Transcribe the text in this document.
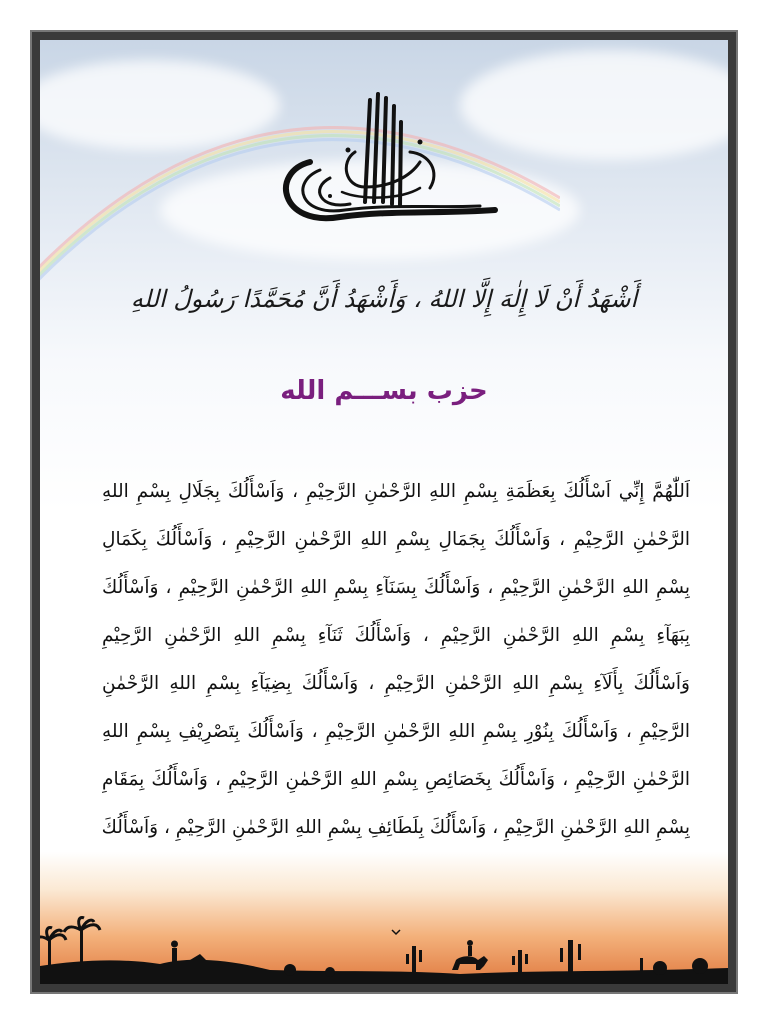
أَشْهَدُ أَنْ لَا إِلٰهَ إِلَّا اللهُ ، وَأَشْهَدُ أَنَّ مُحَمَّدًا رَسُولُ اللهِ
حزب بســـم الله
اَللّٰهُمَّ إِنِّي اَسْأَلُكَ بِعَظَمَةِ بِسْمِ اللهِ الرَّحْمٰنِ الرَّحِيْمِ ، وَاَسْأَلُكَ بِجَلَالِ بِسْمِ اللهِ
الرَّحْمٰنِ الرَّحِيْمِ ، وَاَسْأَلُكَ بِجَمَالِ بِسْمِ اللهِ الرَّحْمٰنِ الرَّحِيْمِ ، وَاَسْأَلُكَ بِكَمَالِ
بِسْمِ اللهِ الرَّحْمٰنِ الرَّحِيْمِ ، وَاَسْأَلُكَ بِسَنَآءِ بِسْمِ اللهِ الرَّحْمٰنِ الرَّحِيْمِ ، وَاَسْأَلُكَ
بِبَهَآءِ بِسْمِ اللهِ الرَّحْمٰنِ الرَّحِيْمِ ، وَاَسْأَلُكَ ثَنَآءِ بِسْمِ اللهِ الرَّحْمٰنِ الرَّحِيْمِ
وَاَسْأَلُكَ بِأَلَآءِ بِسْمِ اللهِ الرَّحْمٰنِ الرَّحِيْمِ ، وَاَسْأَلُكَ بِضِيَآءِ بِسْمِ اللهِ الرَّحْمٰنِ
الرَّحِيْمِ ، وَاَسْأَلُكَ بِنُوْرِ بِسْمِ اللهِ الرَّحْمٰنِ الرَّحِيْمِ ، وَاَسْأَلُكَ بِتَصْرِيْفِ بِسْمِ اللهِ
الرَّحْمٰنِ الرَّحِيْمِ ، وَاَسْأَلُكَ بِخَصَائِصِ بِسْمِ اللهِ الرَّحْمٰنِ الرَّحِيْمِ ، وَاَسْأَلُكَ بِمَقَامِ
بِسْمِ اللهِ الرَّحْمٰنِ الرَّحِيْمِ ، وَاَسْأَلُكَ بِلَطَائِفِ بِسْمِ اللهِ الرَّحْمٰنِ الرَّحِيْمِ ، وَاَسْأَلُكَ
